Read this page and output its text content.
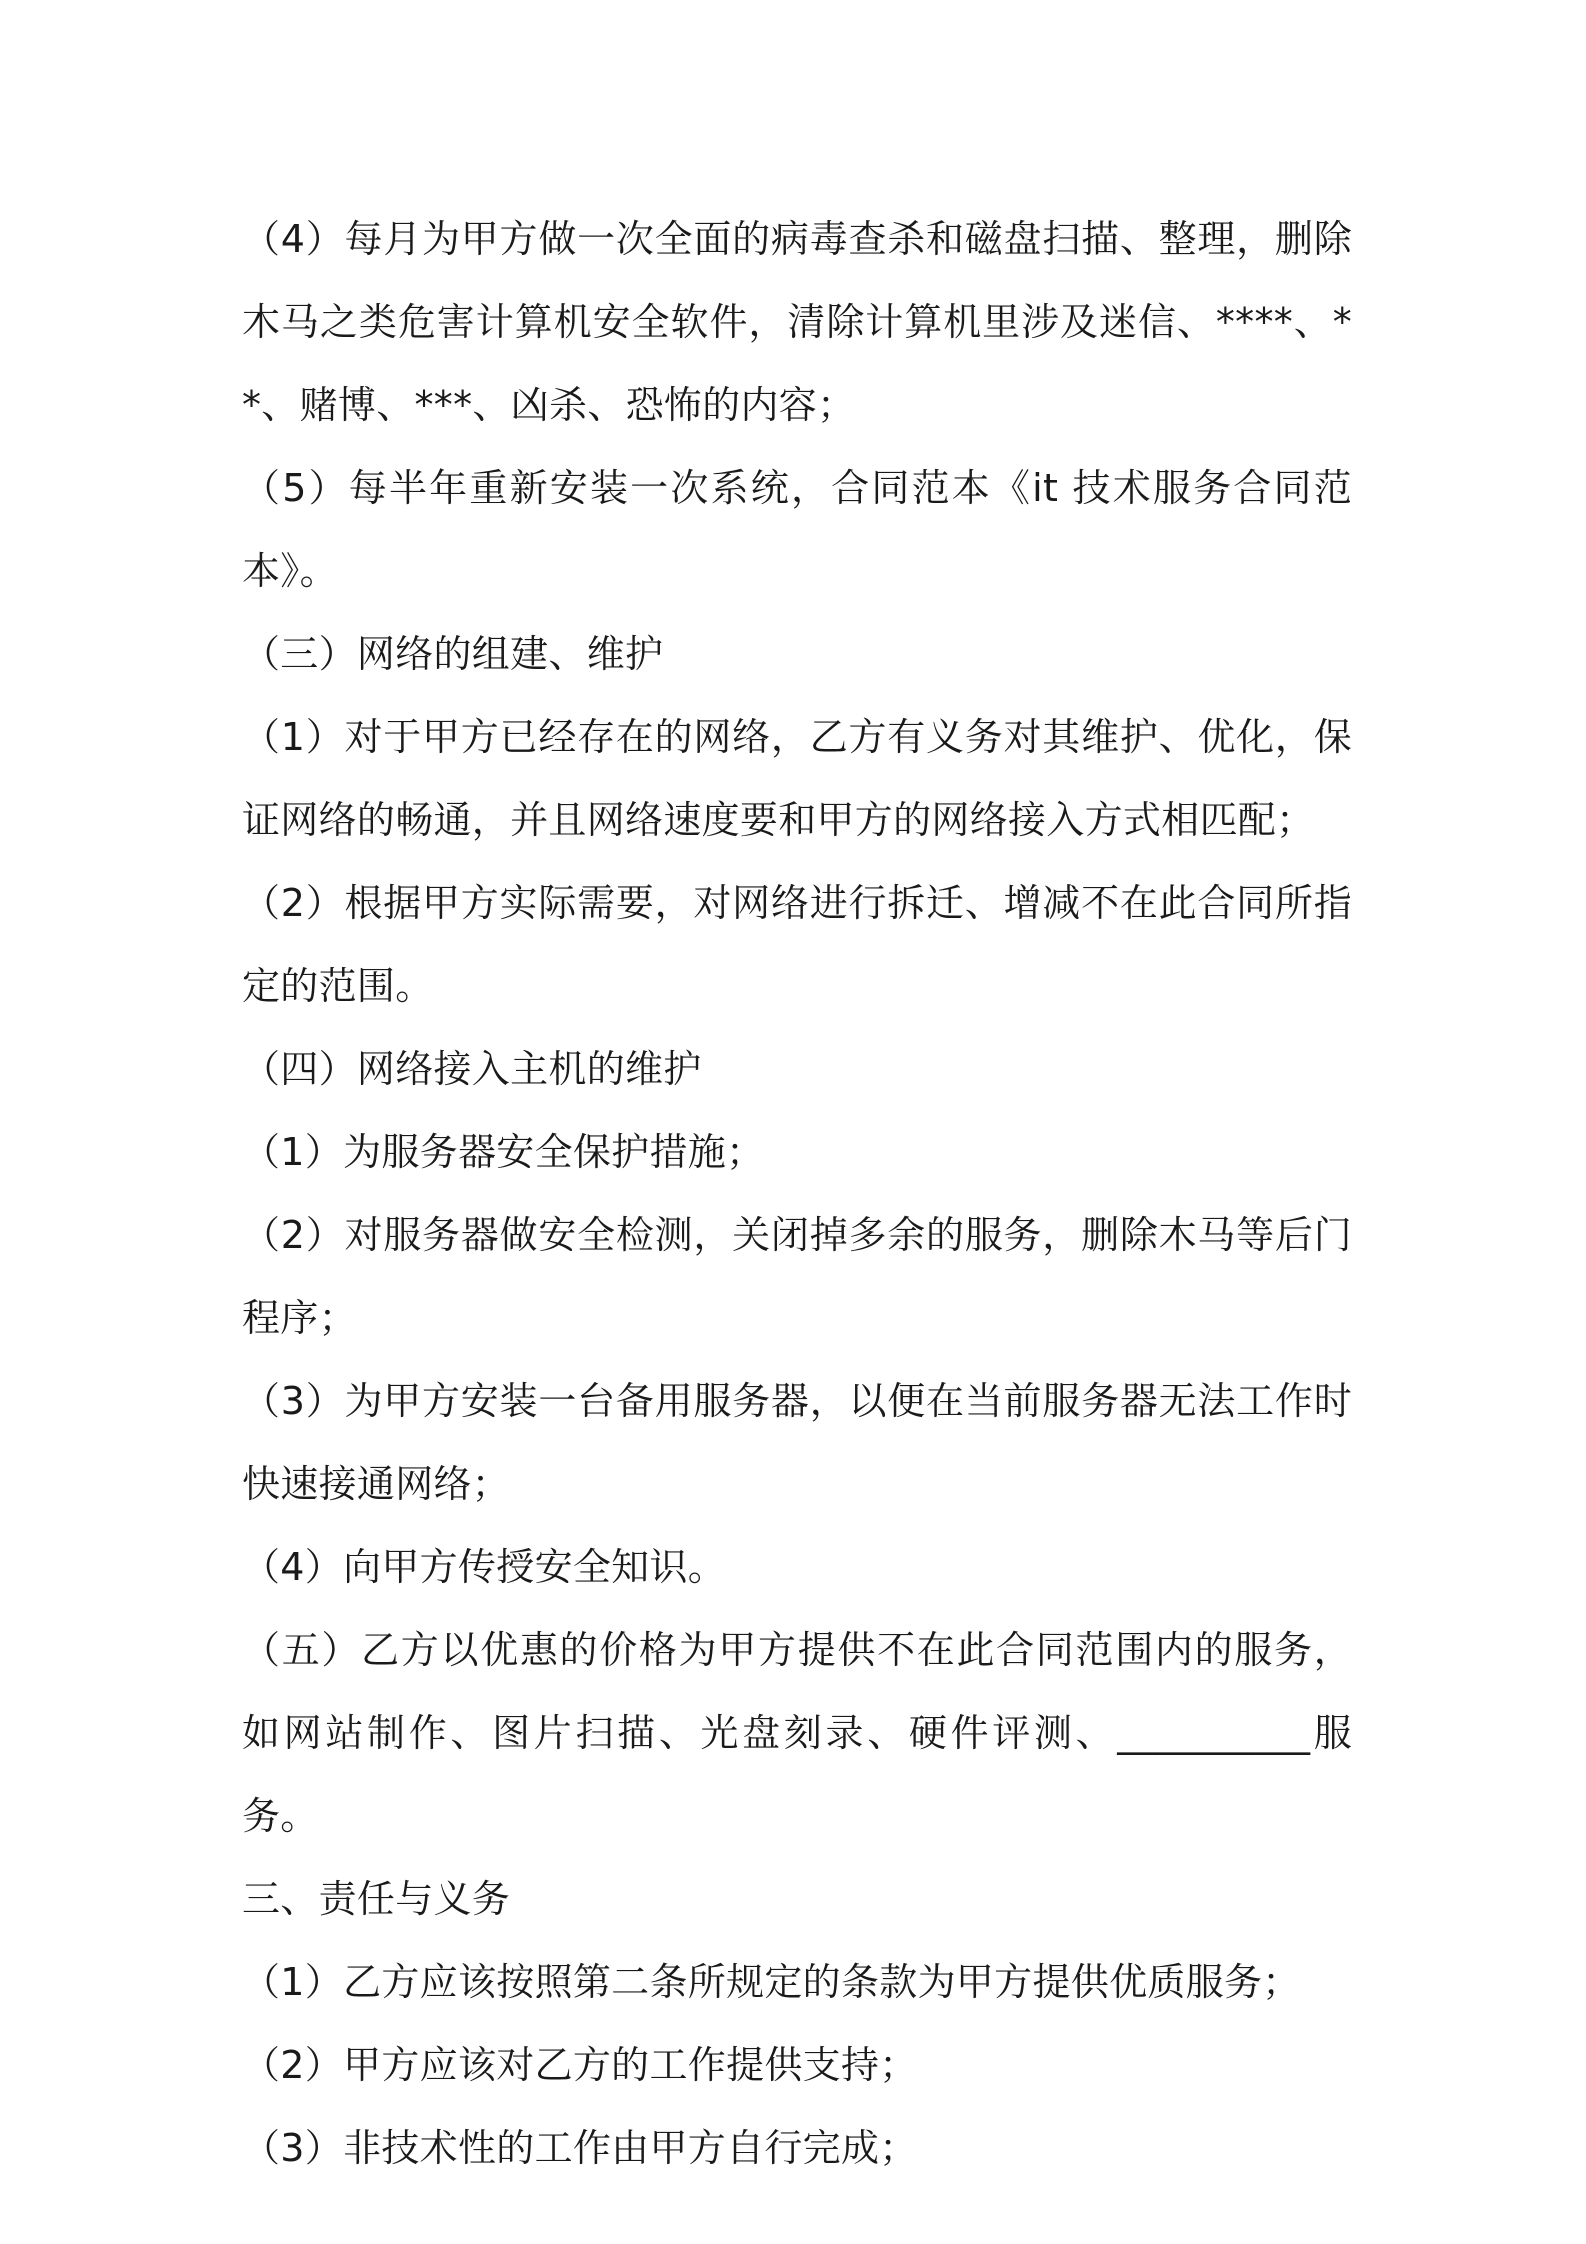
（4）每月为甲方做一次全面的病毒查杀和磁盘扫描、整理，删除木马之类危害计算机安全软件，清除计算机里涉及迷信、****、**、赌博、***、凶杀、恐怖的内容；

（5）每半年重新安装一次系统，合同范本《it 技术服务合同范本》。

（三）网络的组建、维护

（1）对于甲方已经存在的网络，乙方有义务对其维护、优化，保证网络的畅通，并且网络速度要和甲方的网络接入方式相匹配；

（2）根据甲方实际需要，对网络进行拆迁、增减不在此合同所指定的范围。

（四）网络接入主机的维护

（1）为服务器安全保护措施；

（2）对服务器做安全检测，关闭掉多余的服务，删除木马等后门程序；

（3）为甲方安装一台备用服务器，以便在当前服务器无法工作时快速接通网络；

（4）向甲方传授安全知识。

（五）乙方以优惠的价格为甲方提供不在此合同范围内的服务，如网站制作、图片扫描、光盘刻录、硬件评测、__________服务。

三、责任与义务

（1）乙方应该按照第二条所规定的条款为甲方提供优质服务；

（2）甲方应该对乙方的工作提供支持；

（3）非技术性的工作由甲方自行完成；
